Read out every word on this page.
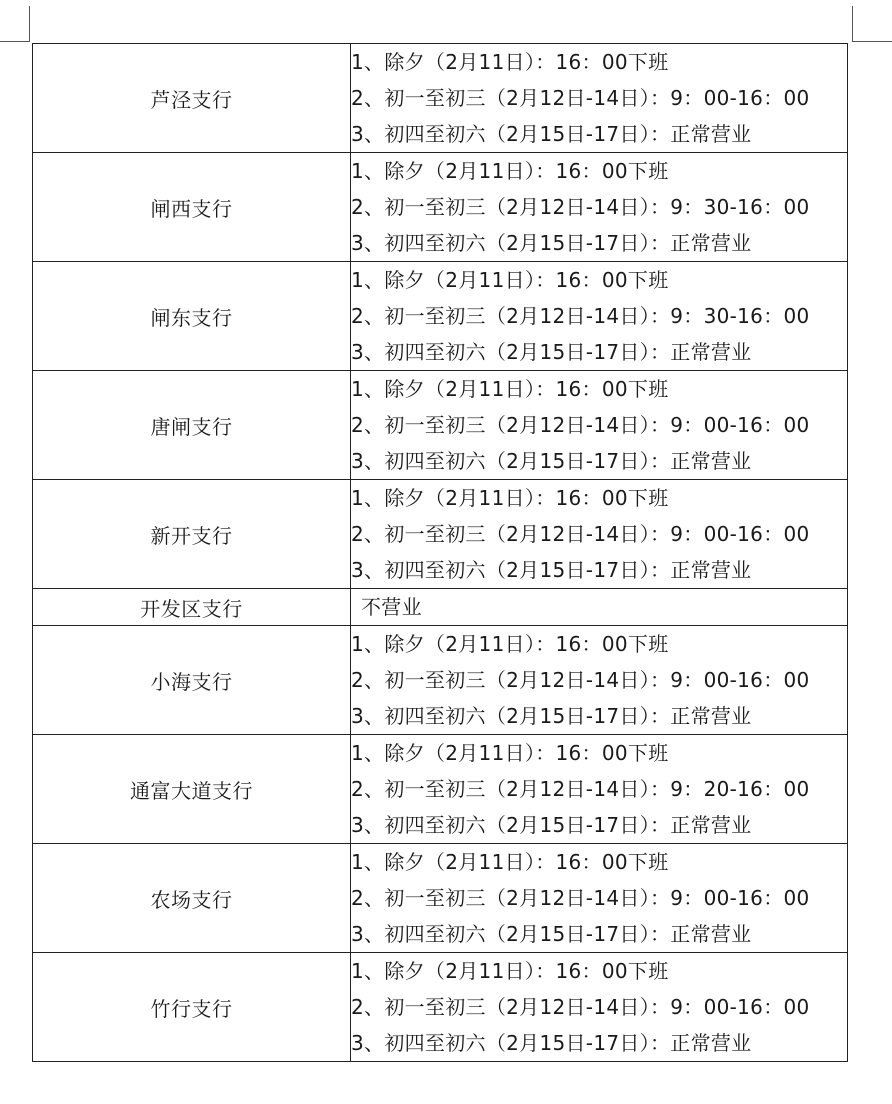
芦泾支行	1、除夕（2月11日）：16：00下班
2、初一至初三（2月12日-14日）：9：00-16：00
3、初四至初六（2月15日-17日）：正常营业

闸西支行	1、除夕（2月11日）：16：00下班
2、初一至初三（2月12日-14日）：9：30-16：00
3、初四至初六（2月15日-17日）：正常营业

闸东支行	1、除夕（2月11日）：16：00下班
2、初一至初三（2月12日-14日）：9：30-16：00
3、初四至初六（2月15日-17日）：正常营业

唐闸支行	1、除夕（2月11日）：16：00下班
2、初一至初三（2月12日-14日）：9：00-16：00
3、初四至初六（2月15日-17日）：正常营业

新开支行	1、除夕（2月11日）：16：00下班
2、初一至初三（2月12日-14日）：9：00-16：00
3、初四至初六（2月15日-17日）：正常营业

开发区支行	不营业

小海支行	1、除夕（2月11日）：16：00下班
2、初一至初三（2月12日-14日）：9：00-16：00
3、初四至初六（2月15日-17日）：正常营业

通富大道支行	1、除夕（2月11日）：16：00下班
2、初一至初三（2月12日-14日）：9：20-16：00
3、初四至初六（2月15日-17日）：正常营业

农场支行	1、除夕（2月11日）：16：00下班
2、初一至初三（2月12日-14日）：9：00-16：00
3、初四至初六（2月15日-17日）：正常营业

竹行支行	1、除夕（2月11日）：16：00下班
2、初一至初三（2月12日-14日）：9：00-16：00
3、初四至初六（2月15日-17日）：正常营业
